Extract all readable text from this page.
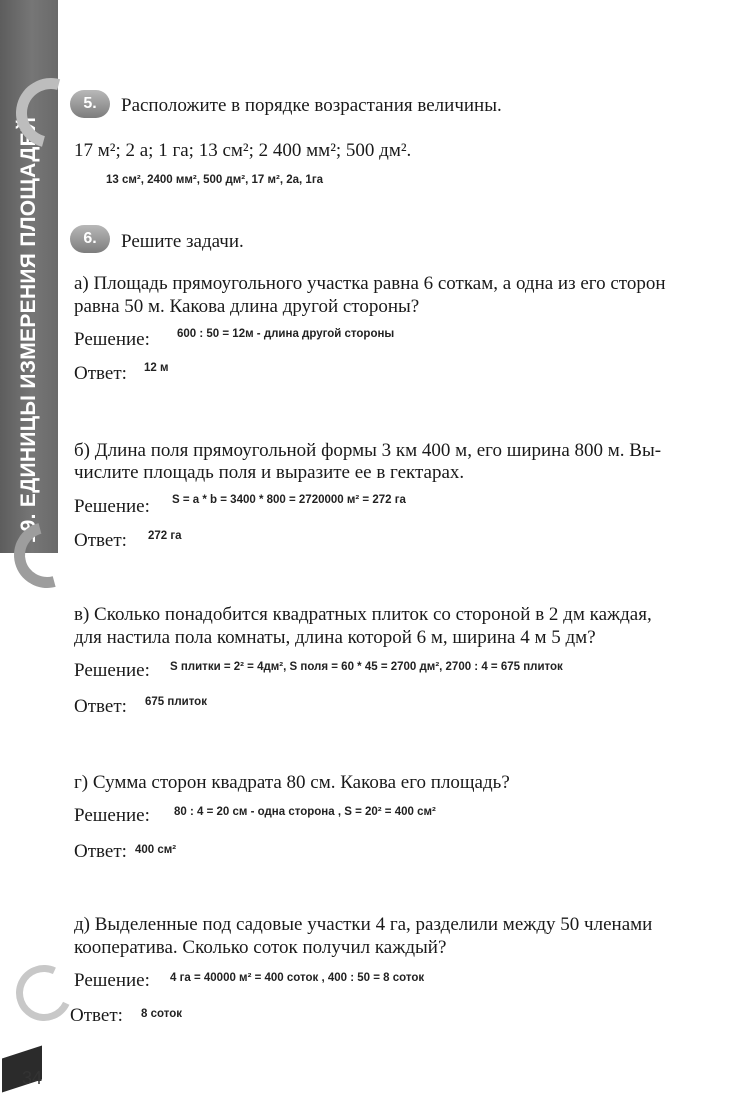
19. ЕДИНИЦЫ ИЗМЕРЕНИЯ ПЛОЩАДЕЙ
5.	Расположите в порядке возрастания величины.
17 м²; 2 а; 1 га; 13 см²; 2 400 мм²; 500 дм².
13 см², 2400 мм², 500 дм², 17 м², 2а, 1га
6.	Решите задачи.
а) Площадь прямоугольного участка равна 6 соткам, а одна из его сторон
равна 50 м. Какова длина другой стороны?
Решение: 600 : 50 = 12м - длина другой стороны
Ответ: 12 м
б) Длина поля прямоугольной формы 3 км 400 м, его ширина 800 м. Вы-
числите площадь поля и выразите ее в гектарах.
Решение: S = a * b = 3400 * 800 = 2720000 м² = 272 га
Ответ: 272 га
в) Сколько понадобится квадратных плиток со стороной в 2 дм каждая,
для настила пола комнаты, длина которой 6 м, ширина 4 м 5 дм?
Решение: S плитки = 2² = 4дм², S поля = 60 * 45 = 2700 дм², 2700 : 4 = 675 плиток
Ответ: 675 плиток
г) Сумма сторон квадрата 80 см. Какова его площадь?
Решение: 80 : 4 = 20 см - одна сторона , S = 20² = 400 см²
Ответ: 400 см²
д) Выделенные под садовые участки 4 га, разделили между 50 членами
кооператива. Сколько соток получил каждый?
Решение: 4 га = 40000 м² = 400 соток , 400 : 50 = 8 соток
Ответ: 8 соток
34
